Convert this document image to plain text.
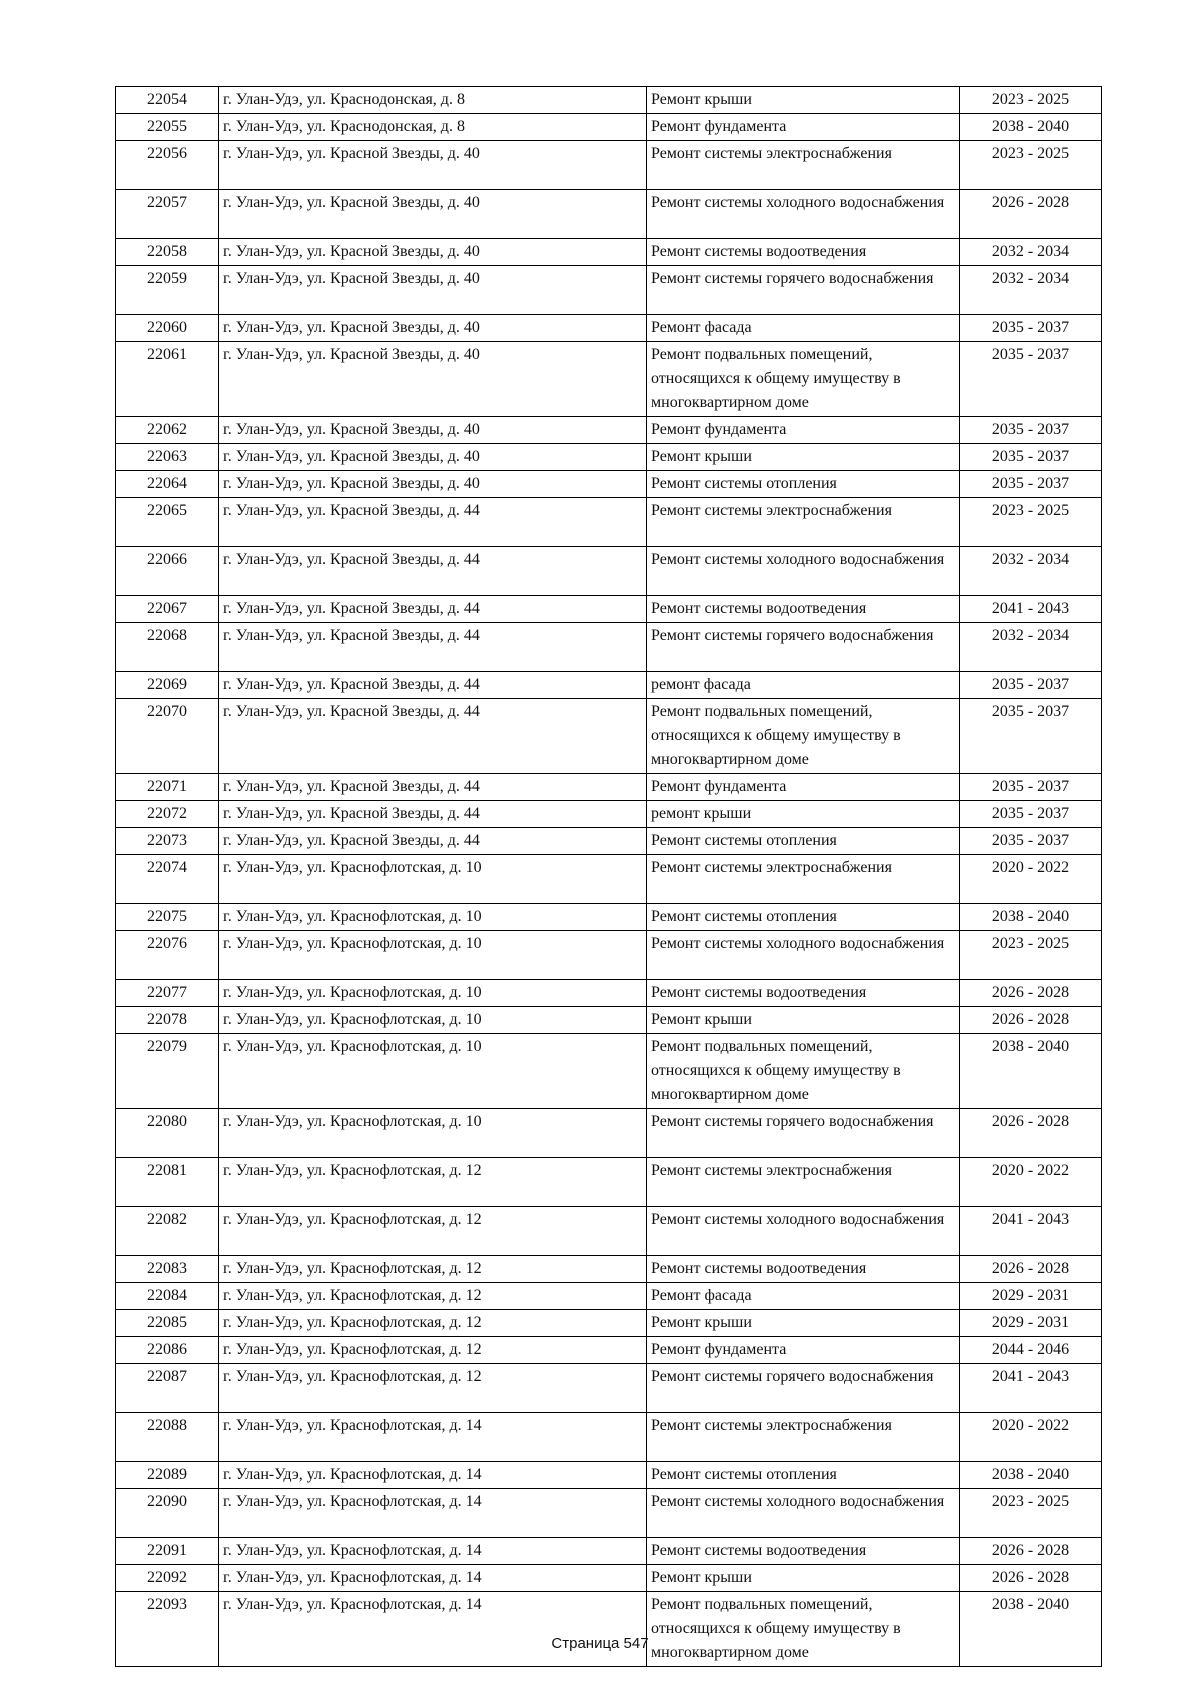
22054	г. Улан-Удэ, ул. Краснодонская, д. 8	Ремонт крыши	2023 - 2025
22055	г. Улан-Удэ, ул. Краснодонская, д. 8	Ремонт фундамента	2038 - 2040
22056	г. Улан-Удэ, ул. Красной Звезды, д. 40	Ремонт системы электроснабжения	2023 - 2025
22057	г. Улан-Удэ, ул. Красной Звезды, д. 40	Ремонт системы холодного водоснабжения	2026 - 2028
22058	г. Улан-Удэ, ул. Красной Звезды, д. 40	Ремонт системы водоотведения	2032 - 2034
22059	г. Улан-Удэ, ул. Красной Звезды, д. 40	Ремонт системы горячего водоснабжения	2032 - 2034
22060	г. Улан-Удэ, ул. Красной Звезды, д. 40	Ремонт фасада	2035 - 2037
22061	г. Улан-Удэ, ул. Красной Звезды, д. 40	Ремонт подвальных помещений, относящихся к общему имуществу в многоквартирном доме	2035 - 2037
22062	г. Улан-Удэ, ул. Красной Звезды, д. 40	Ремонт фундамента	2035 - 2037
22063	г. Улан-Удэ, ул. Красной Звезды, д. 40	Ремонт крыши	2035 - 2037
22064	г. Улан-Удэ, ул. Красной Звезды, д. 40	Ремонт системы отопления	2035 - 2037
22065	г. Улан-Удэ, ул. Красной Звезды, д. 44	Ремонт системы электроснабжения	2023 - 2025
22066	г. Улан-Удэ, ул. Красной Звезды, д. 44	Ремонт системы холодного водоснабжения	2032 - 2034
22067	г. Улан-Удэ, ул. Красной Звезды, д. 44	Ремонт системы водоотведения	2041 - 2043
22068	г. Улан-Удэ, ул. Красной Звезды, д. 44	Ремонт системы горячего водоснабжения	2032 - 2034
22069	г. Улан-Удэ, ул. Красной Звезды, д. 44	ремонт фасада	2035 - 2037
22070	г. Улан-Удэ, ул. Красной Звезды, д. 44	Ремонт подвальных помещений, относящихся к общему имуществу в многоквартирном доме	2035 - 2037
22071	г. Улан-Удэ, ул. Красной Звезды, д. 44	Ремонт фундамента	2035 - 2037
22072	г. Улан-Удэ, ул. Красной Звезды, д. 44	ремонт крыши	2035 - 2037
22073	г. Улан-Удэ, ул. Красной Звезды, д. 44	Ремонт системы отопления	2035 - 2037
22074	г. Улан-Удэ, ул. Краснофлотская, д. 10	Ремонт системы электроснабжения	2020 - 2022
22075	г. Улан-Удэ, ул. Краснофлотская, д. 10	Ремонт системы отопления	2038 - 2040
22076	г. Улан-Удэ, ул. Краснофлотская, д. 10	Ремонт системы холодного водоснабжения	2023 - 2025
22077	г. Улан-Удэ, ул. Краснофлотская, д. 10	Ремонт системы водоотведения	2026 - 2028
22078	г. Улан-Удэ, ул. Краснофлотская, д. 10	Ремонт крыши	2026 - 2028
22079	г. Улан-Удэ, ул. Краснофлотская, д. 10	Ремонт подвальных помещений, относящихся к общему имуществу в многоквартирном доме	2038 - 2040
22080	г. Улан-Удэ, ул. Краснофлотская, д. 10	Ремонт системы горячего водоснабжения	2026 - 2028
22081	г. Улан-Удэ, ул. Краснофлотская, д. 12	Ремонт системы электроснабжения	2020 - 2022
22082	г. Улан-Удэ, ул. Краснофлотская, д. 12	Ремонт системы холодного водоснабжения	2041 - 2043
22083	г. Улан-Удэ, ул. Краснофлотская, д. 12	Ремонт системы водоотведения	2026 - 2028
22084	г. Улан-Удэ, ул. Краснофлотская, д. 12	Ремонт фасада	2029 - 2031
22085	г. Улан-Удэ, ул. Краснофлотская, д. 12	Ремонт крыши	2029 - 2031
22086	г. Улан-Удэ, ул. Краснофлотская, д. 12	Ремонт фундамента	2044 - 2046
22087	г. Улан-Удэ, ул. Краснофлотская, д. 12	Ремонт системы горячего водоснабжения	2041 - 2043
22088	г. Улан-Удэ, ул. Краснофлотская, д. 14	Ремонт системы электроснабжения	2020 - 2022
22089	г. Улан-Удэ, ул. Краснофлотская, д. 14	Ремонт системы отопления	2038 - 2040
22090	г. Улан-Удэ, ул. Краснофлотская, д. 14	Ремонт системы холодного водоснабжения	2023 - 2025
22091	г. Улан-Удэ, ул. Краснофлотская, д. 14	Ремонт системы водоотведения	2026 - 2028
22092	г. Улан-Удэ, ул. Краснофлотская, д. 14	Ремонт крыши	2026 - 2028
22093	г. Улан-Удэ, ул. Краснофлотская, д. 14	Ремонт подвальных помещений, относящихся к общему имуществу в многоквартирном доме	2038 - 2040
Страница 547
